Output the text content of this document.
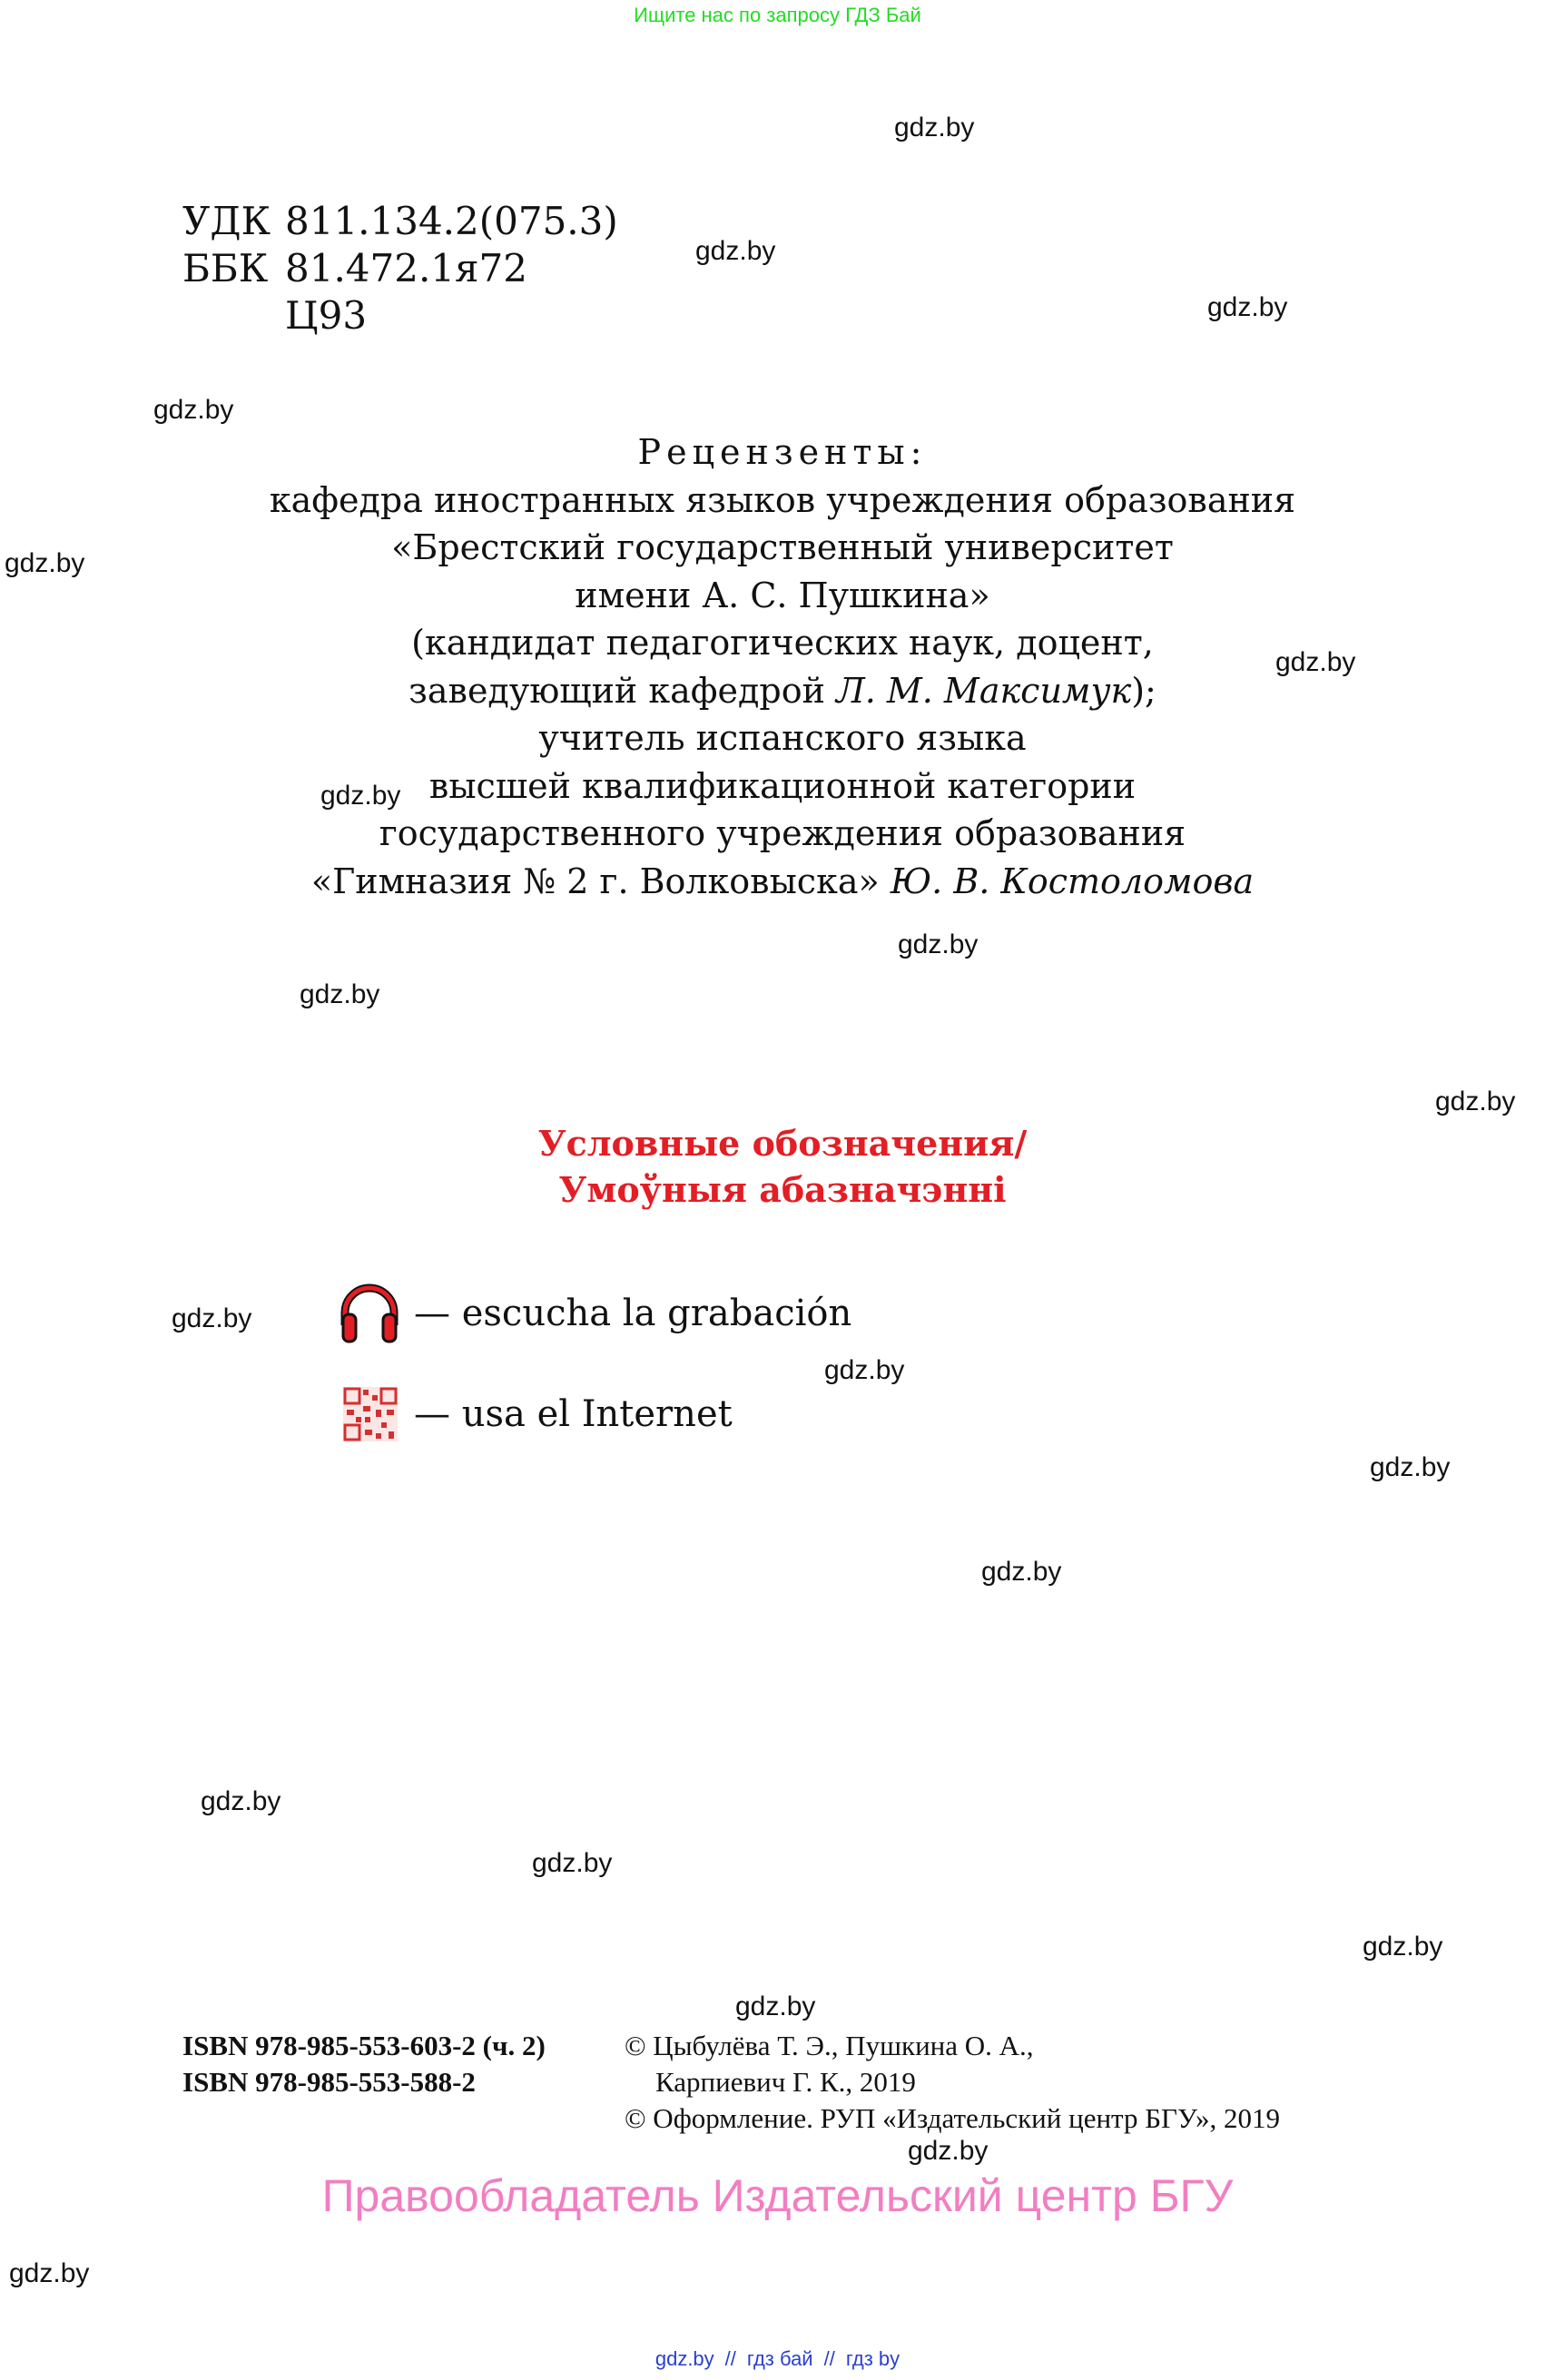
Ищите нас по запросу ГДЗ Бай
УДК 811.134.2(075.3)
ББК 81.472.1я72
Ц93
Рецензенты:
кафедра иностранных языков учреждения образования
«Брестский государственный университет
имени А. С. Пушкина»
(кандидат педагогических наук, доцент,
заведующий кафедрой Л. М. Максимук);
учитель испанского языка
высшей квалификационной категории
государственного учреждения образования
«Гимназия № 2 г. Волковыска» Ю. В. Костоломова
Условные обозначения/
Умоўныя абазначэнні
— escucha la grabación
— usa el Internet
ISBN 978-985-553-603-2 (ч. 2)
ISBN 978-985-553-588-2
© Цыбулёва Т. Э., Пушкина О. А.,
Карпиевич Г. К., 2019
© Оформление. РУП «Издательский центр БГУ», 2019
Правообладатель Издательский центр БГУ
gdz.by // гдз бай // гдз by
gdz.by
gdz.by
gdz.by
gdz.by
gdz.by
gdz.by
gdz.by
gdz.by
gdz.by
gdz.by
gdz.by
gdz.by
gdz.by
gdz.by
gdz.by
gdz.by
gdz.by
gdz.by
gdz.by
gdz.by
